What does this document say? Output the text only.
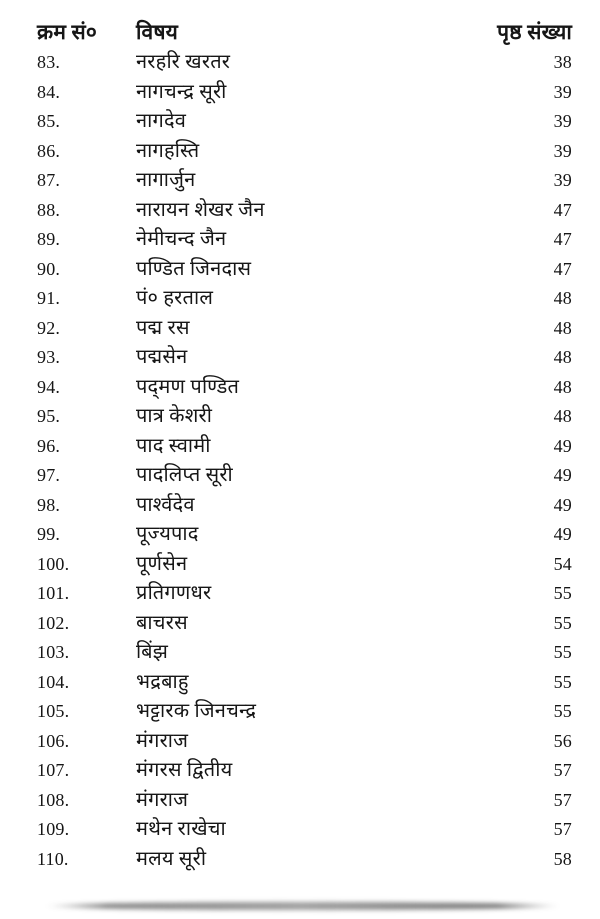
क्रम सं०	विषय	पृष्ठ संख्या
83.	नरहरि खरतर	38
84.	नागचन्द्र सूरी	39
85.	नागदेव	39
86.	नागहस्ति	39
87.	नागार्जुन	39
88.	नारायन शेखर जैन	47
89.	नेमीचन्द जैन	47
90.	पण्डित जिनदास	47
91.	पं० हरताल	48
92.	पद्म रस	48
93.	पद्मसेन	48
94.	पद्‌मण पण्डित	48
95.	पात्र केशरी	48
96.	पाद स्वामी	49
97.	पादलिप्त सूरी	49
98.	पार्श्वदेव	49
99.	पूज्यपाद	49
100.	पूर्णसेन	54
101.	प्रतिगणधर	55
102.	बाचरस	55
103.	बिंझ	55
104.	भद्रबाहु	55
105.	भट्टारक जिनचन्द्र	55
106.	मंगराज	56
107.	मंगरस द्वितीय	57
108.	मंगराज	57
109.	मथेन राखेचा	57
110.	मलय सूरी	58
